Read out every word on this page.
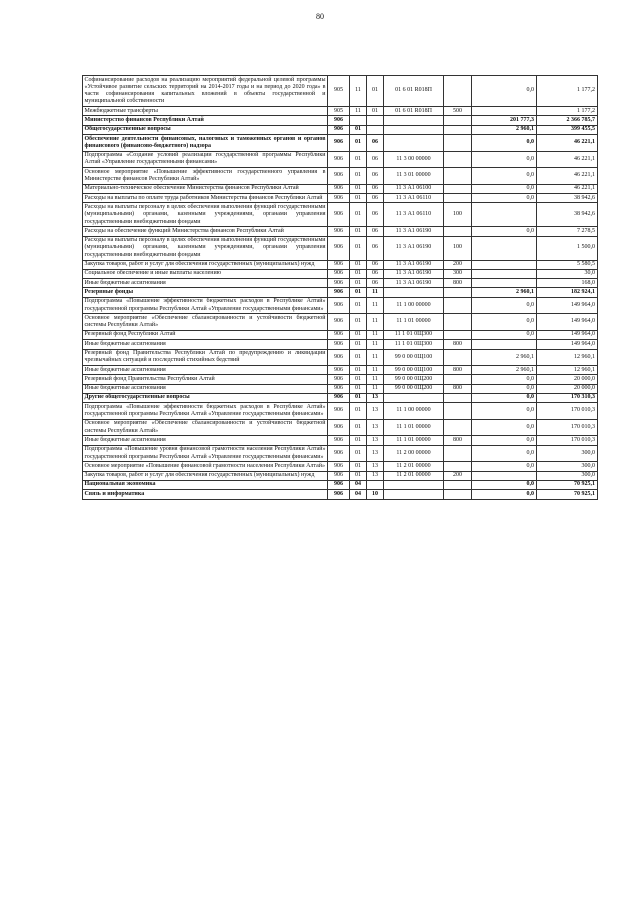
80
Софинансирование расходов на реализацию мероприятий федеральной целевой программы «Устойчивое развитие сельских территорий на 2014-2017 годы и на период до 2020 года» в части софинансирования капитальных вложений в объекты государственной и муниципальной собственности	905	11	01	01 6 01 R018П		0,0	1 177,2
Межбюджетные трансферты	905	11	01	01 6 01 R018П	500		1 177,2
Министерство финансов Республики Алтай	906					201 777,3	2 366 785,7
Общегосударственные вопросы	906	01				2 960,1	399 455,5
Обеспечение деятельности финансовых, налоговых и таможенных органов и органов финансового (финансово-бюджетного) надзора	906	01	06			0,0	46 221,1
Подпрограмма «Создание условий реализации государственной программы Республики Алтай «Управление государственными финансами»	906	01	06	11 3 00 00000		0,0	46 221,1
Основное мероприятие «Повышение эффективности государственного управления в Министерстве финансов Республики Алтай»	906	01	06	11 3 01 00000		0,0	46 221,1
Материально-техническое обеспечение Министерства финансов Республики Алтай	906	01	06	11 3 А1 06100		0,0	46 221,1
Расходы на выплаты по оплате труда работников Министерства финансов Республики Алтай	906	01	06	11 3 А1 06110		0,0	38 942,6
Расходы на выплаты персоналу в целях обеспечения выполнения функций государственными (муниципальными) органами, казенными учреждениями, органами управления государственными внебюджетными фондами	906	01	06	11 3 А1 06110	100		38 942,6
Расходы на обеспечение функций Министерства финансов Республики Алтай	906	01	06	11 3 А1 06190		0,0	7 278,5
Расходы на выплаты персоналу в целях обеспечения выполнения функций государственными (муниципальными) органами, казенными учреждениями, органами управления государственными внебюджетными фондами	906	01	06	11 3 А1 06190	100		1 500,0
Закупка товаров, работ и услуг для обеспечения государственных (муниципальных) нужд	906	01	06	11 3 А1 06190	200		5 580,5
Социальное обеспечение и иные выплаты населению	906	01	06	11 3 А1 06190	300		30,0
Иные бюджетные ассигнования	906	01	06	11 3 А1 06190	800		168,0
Резервные фонды	906	01	11			2 960,1	182 924,1
Подпрограмма «Повышение эффективности бюджетных расходов в Республике Алтай» государственной программы Республики Алтай «Управление государственными финансами»	906	01	11	11 1 00 00000		0,0	149 964,0
Основное мероприятие «Обеспечение сбалансированности и устойчивости бюджетной системы Республики Алтай»	906	01	11	11 1 01 00000		0,0	149 964,0
Резервный фонд Республики Алтай	906	01	11	11 1 01 0Щ300		0,0	149 964,0
Иные бюджетные ассигнования	906	01	11	11 1 01 0Щ300	800		149 964,0
Резервный фонд Правительства Республики Алтай по предупреждению и ликвидации чрезвычайных ситуаций и последствий стихийных бедствий	906	01	11	99 0 00 0Щ100		2 960,1	12 960,1
Иные бюджетные ассигнования	906	01	11	99 0 00 0Щ100	800	2 960,1	12 960,1
Резервный фонд Правительства Республики Алтай	906	01	11	99 0 00 0Щ200		0,0	20 000,0
Иные бюджетные ассигнования	906	01	11	99 0 00 0Щ200	800	0,0	20 000,0
Другие общегосударственные вопросы	906	01	13			0,0	170 310,3
Подпрограмма «Повышение эффективности бюджетных расходов в Республике Алтай» государственной программы Республики Алтай «Управление государственными финансами»	906	01	13	11 1 00 00000		0,0	170 010,3
Основное мероприятие «Обеспечение сбалансированности и устойчивости бюджетной системы Республики Алтай»	906	01	13	11 1 01 00000		0,0	170 010,3
Иные бюджетные ассигнования	906	01	13	11 1 01 00000	800	0,0	170 010,3
Подпрограмма «Повышение уровня финансовой грамотности населения Республики Алтай» государственной программы Республики Алтай «Управление государственными финансами»	906	01	13	11 2 00 00000		0,0	300,0
Основное мероприятие «Повышение финансовой грамотности населения Республики Алтай»	906	01	13	11 2 01 00000		0,0	300,0
Закупка товаров, работ и услуг для обеспечения государственных (муниципальных) нужд	906	01	13	11 2 01 00000	200		300,0
Национальная экономика	906	04				0,0	70 925,1
Связь и информатика	906	04	10			0,0	70 925,1
